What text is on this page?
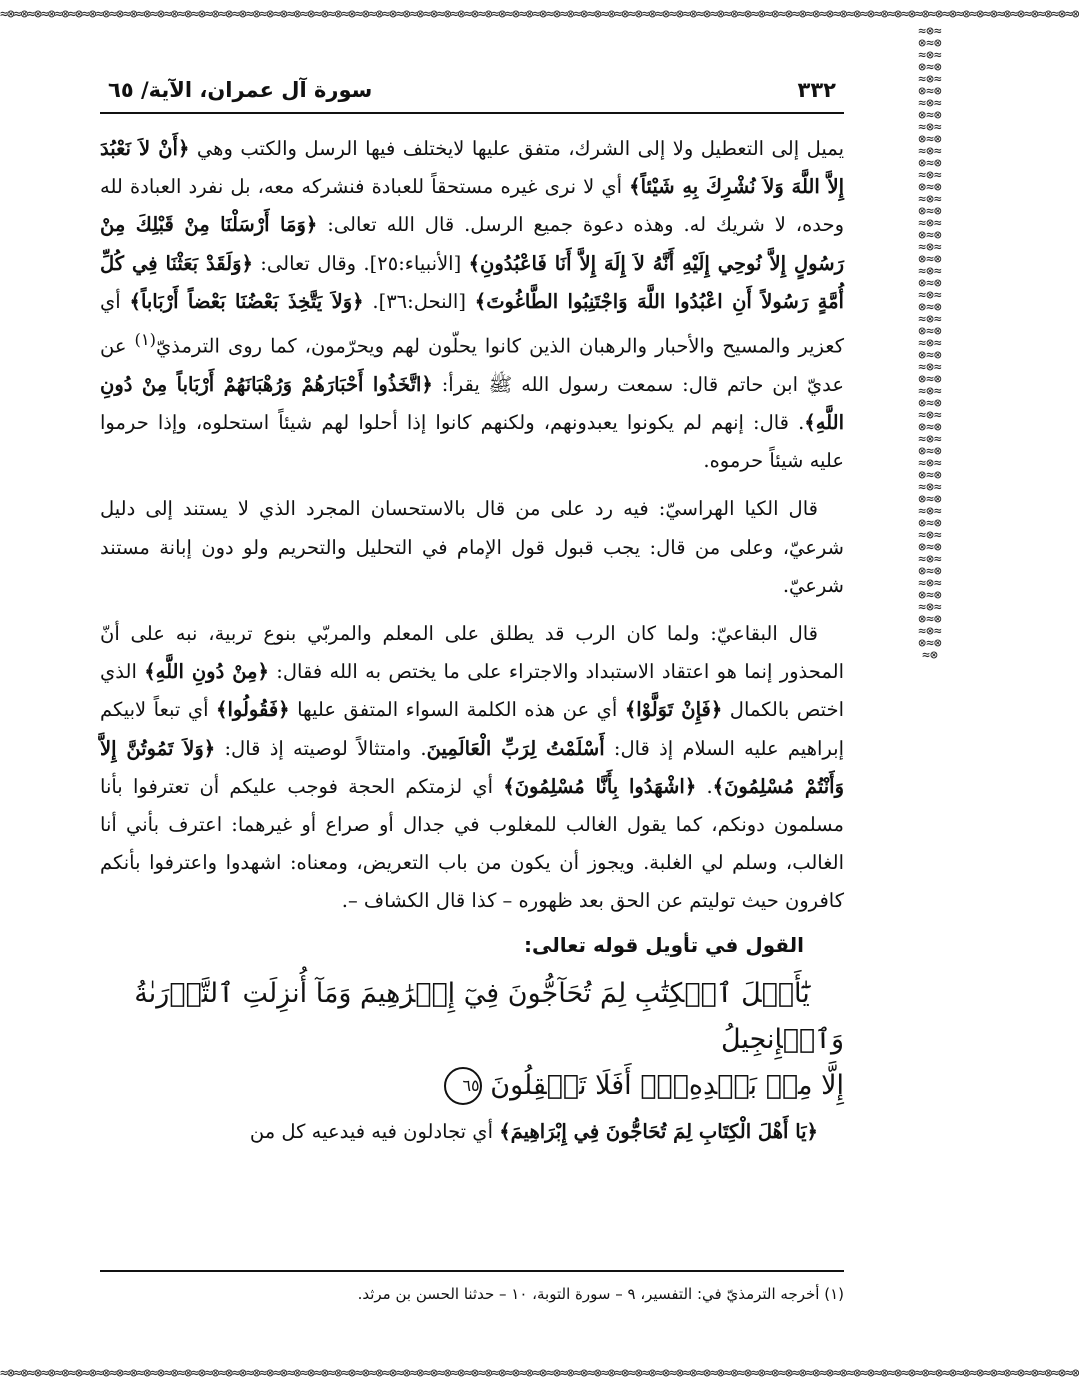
≈⊗≈⊗≈⊗≈⊗≈⊗≈⊗≈⊗≈⊗≈⊗≈⊗≈⊗≈⊗≈⊗≈⊗≈⊗≈⊗≈⊗≈⊗≈⊗≈⊗≈⊗≈⊗≈⊗≈⊗≈⊗≈⊗≈⊗≈⊗≈⊗≈⊗≈⊗≈⊗≈⊗≈⊗≈⊗≈⊗≈⊗≈⊗≈⊗≈⊗≈⊗≈⊗≈⊗≈⊗≈⊗≈⊗≈⊗≈⊗≈⊗≈⊗≈⊗≈⊗≈⊗≈⊗≈⊗≈⊗≈⊗≈⊗≈⊗≈⊗≈⊗≈⊗≈⊗≈⊗≈⊗≈⊗≈⊗≈⊗≈⊗≈⊗≈⊗≈⊗≈⊗≈⊗≈⊗≈⊗≈⊗≈⊗≈⊗
≈⊗≈⊗≈⊗≈⊗≈⊗≈⊗≈⊗≈⊗≈⊗≈⊗≈⊗≈⊗≈⊗≈⊗≈⊗≈⊗≈⊗≈⊗≈⊗≈⊗≈⊗≈⊗≈⊗≈⊗≈⊗≈⊗≈⊗≈⊗≈⊗≈⊗≈⊗≈⊗≈⊗≈⊗≈⊗≈⊗≈⊗≈⊗≈⊗≈⊗≈⊗≈⊗≈⊗≈⊗≈⊗≈⊗≈⊗≈⊗≈⊗≈⊗≈⊗≈⊗≈⊗≈⊗≈⊗≈⊗≈⊗≈⊗≈⊗≈⊗≈⊗≈⊗≈⊗≈⊗≈⊗≈⊗≈⊗≈⊗≈⊗≈⊗≈⊗≈⊗≈⊗≈⊗≈⊗≈⊗≈⊗≈⊗≈⊗
≈⊗≈⊗≈⊗≈⊗≈⊗≈⊗≈⊗≈⊗≈⊗≈⊗≈⊗≈⊗≈⊗≈⊗≈⊗≈⊗≈⊗≈⊗≈⊗≈⊗≈⊗≈⊗≈⊗≈⊗≈⊗≈⊗≈⊗≈⊗≈⊗≈⊗≈⊗≈⊗≈⊗≈⊗≈⊗≈⊗≈⊗≈⊗≈⊗≈⊗≈⊗≈⊗≈⊗≈⊗≈⊗≈⊗≈⊗≈⊗≈⊗≈⊗≈⊗≈⊗≈⊗≈⊗≈⊗≈⊗≈⊗≈⊗≈⊗≈⊗≈⊗≈⊗≈⊗≈⊗≈⊗≈⊗≈⊗≈⊗≈⊗≈⊗≈⊗≈⊗≈⊗≈⊗≈⊗≈⊗≈⊗≈⊗≈⊗
٣٣٢
سورة آل عمران، الآية/ ٦٥

يميل إلى التعطيل ولا إلى الشرك، متفق عليها لايختلف فيها الرسل والكتب وهي ﴿أَنْ لاَ نَعْبُدَ إِلاَّ اللَّهَ وَلاَ نُشْرِكَ بِهِ شَيْئاً﴾ أي لا نرى غيره مستحقاً للعبادة فنشركه معه، بل نفرد العبادة لله وحده، لا شريك له. وهذه دعوة جميع الرسل. قال الله تعالى: ﴿وَمَا أَرْسَلْنَا مِنْ قَبْلِكَ مِنْ رَسُولٍ إِلاَّ نُوحِي إِلَيْهِ أَنَّهُ لاَ إِلَهَ إِلاَّ أَنَا فَاعْبُدُونِ﴾ [الأنبياء:٢٥]. وقال تعالى: ﴿وَلَقَدْ بَعَثْنَا فِي كُلِّ أُمَّةٍ رَسُولاً أَنِ اعْبُدُوا اللَّهَ وَاجْتَنِبُوا الطَّاغُوتَ﴾ [النحل:٣٦]. ﴿وَلاَ يَتَّخِذَ بَعْضُنَا بَعْضاً أَرْبَاباً﴾ أي كعزير والمسيح والأحبار والرهبان الذين كانوا يحلّون لهم ويحرّمون، كما روى الترمذيّ$^{(١)}$ عن عديّ ابن حاتم قال: سمعت رسول الله ﷺ يقرأ: ﴿اتَّخَذُوا أَحْبَارَهُمْ وَرُهْبَانَهُمْ أَرْبَاباً مِنْ دُونِ اللَّهِ﴾. قال: إنهم لم يكونوا يعبدونهم، ولكنهم كانوا إذا أحلوا لهم شيئاً استحلوه، وإذا حرموا عليه شيئاً حرموه.

قال الكيا الهراسيّ: فيه رد على من قال بالاستحسان المجرد الذي لا يستند إلى دليل شرعيّ، وعلى من قال: يجب قبول قول الإمام في التحليل والتحريم ولو دون إبانة مستند شرعيّ.

قال البقاعيّ: ولما كان الرب قد يطلق على المعلم والمربّي بنوع تربية، نبه على أنّ المحذور إنما هو اعتقاد الاستبداد والاجتراء على ما يختص به الله فقال: ﴿مِنْ دُونِ اللَّهِ﴾ الذي اختص بالكمال ﴿فَإِنْ تَوَلَّوْا﴾ أي عن هذه الكلمة السواء المتفق عليها ﴿فَقُولُوا﴾ أي تبعاً لابيكم إبراهيم عليه السلام إذ قال: أَسْلَمْتُ لِرَبِّ الْعَالَمِينَ. وامتثالاً لوصيته إذ قال: ﴿وَلاَ تَمُوتُنَّ إِلاَّ وَأَنْتُمْ مُسْلِمُونَ﴾. ﴿اشْهَدُوا بِأَنَّا مُسْلِمُونَ﴾ أي لزمتكم الحجة فوجب عليكم أن تعترفوا بأنا مسلمون دونكم، كما يقول الغالب للمغلوب في جدال أو صراع أو غيرهما: اعترف بأني أنا الغالب، وسلم لي الغلبة. ويجوز أن يكون من باب التعريض، ومعناه: اشهدوا واعترفوا بأنكم كافرون حيث توليتم عن الحق بعد ظهوره – كذا قال الكشاف –.

القول في تأويل قوله تعالى:
يَٰٓأَهۡلَ ٱلۡكِتَٰبِ لِمَ تُحَآجُّونَ فِيٓ إِبۡرَٰهِيمَ وَمَآ أُنزِلَتِ ٱلتَّوۡرَىٰةُ وَٱلۡإِنجِيلُ
إِلَّا مِنۢ بَعۡدِهِۦٓۚ أَفَلَا تَعۡقِلُونَ ٦٥

﴿يَا أَهْلَ الْكِتَابِ لِمَ تُحَاجُّونَ فِي إِبْرَاهِيمَ﴾ أي تجادلون فيه فيدعيه كل من

(١) أخرجه الترمذيّ في: التفسير، ٩ – سورة التوبة، ١٠ – حدثنا الحسن بن مرثد.
